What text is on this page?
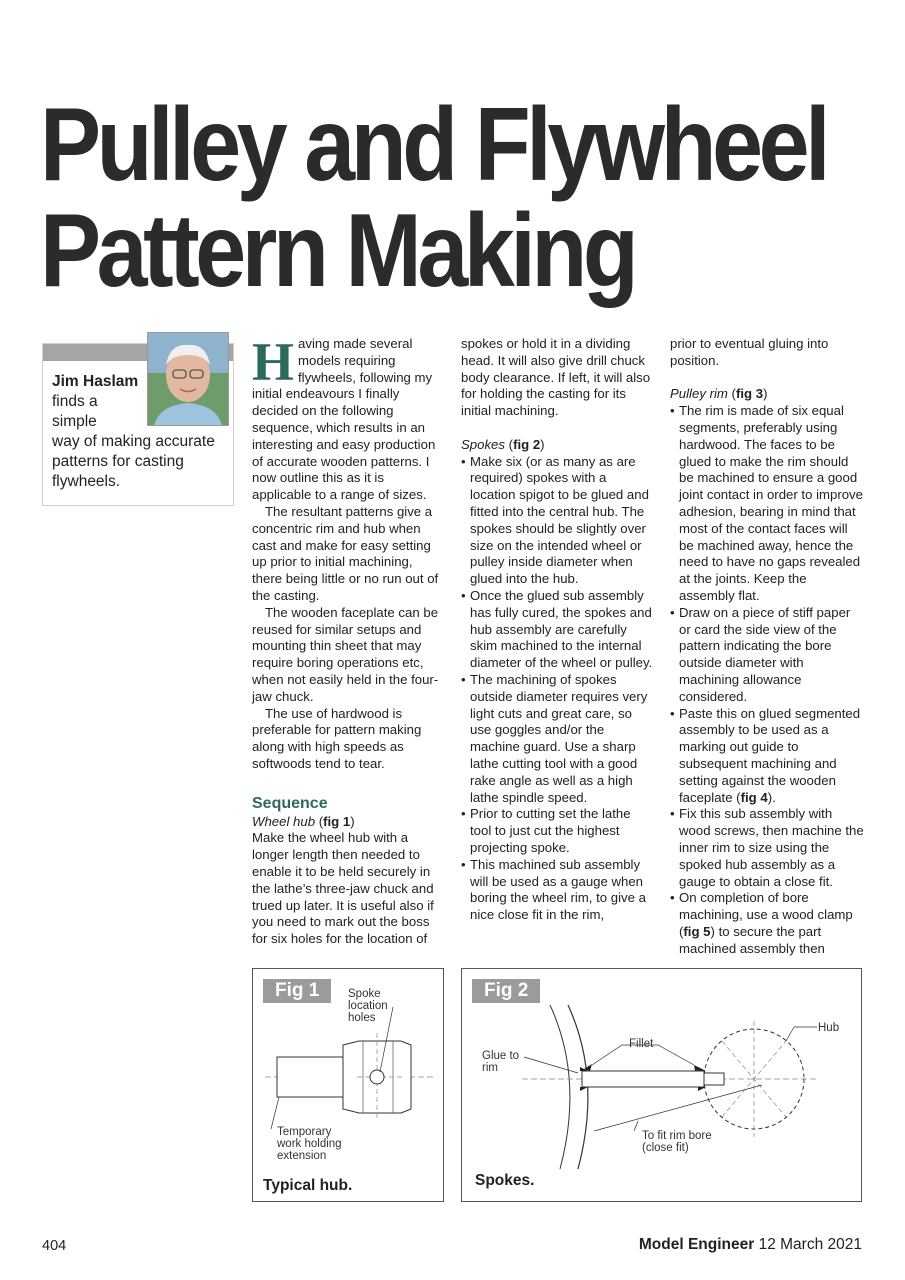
Pulley and Flywheel
Pattern Making
Jim Haslam
finds a
simple
way of making accurate
patterns for casting
flywheels.

Having made several models requiring flywheels, following my initial endeavours I finally decided on the following sequence, which results in an interesting and easy production of accurate wooden patterns. I now outline this as it is applicable to a range of sizes.

The resultant patterns give a concentric rim and hub when cast and make for easy setting up prior to initial machining, there being little or no run out of the casting.

The wooden faceplate can be reused for similar setups and mounting thin sheet that may require boring operations etc, when not easily held in the four-jaw chuck.

The use of hardwood is preferable for pattern making along with high speeds as softwoods tend to tear.

Sequence

Wheel hub (fig 1)

Make the wheel hub with a longer length then needed to enable it to be held securely in the lathe’s three-jaw chuck and trued up later. It is useful also if you need to mark out the boss for six holes for the location of

spokes or hold it in a dividing head. It will also give drill chuck body clearance. If left, it will also for holding the casting for its initial machining.

Spokes (fig 2)

• Make six (or as many as are required) spokes with a location spigot to be glued and fitted into the central hub. The spokes should be slightly over size on the intended wheel or pulley inside diameter when glued into the hub.
• Once the glued sub assembly has fully cured, the spokes and hub assembly are carefully skim machined to the internal diameter of the wheel or pulley.
• The machining of spokes outside diameter requires very light cuts and great care, so use goggles and/or the machine guard. Use a sharp lathe cutting tool with a good rake angle as well as a high lathe spindle speed.
• Prior to cutting set the lathe tool to just cut the highest projecting spoke.
• This machined sub assembly will be used as a gauge when boring the wheel rim, to give a nice close fit in the rim,

prior to eventual gluing into position.

Pulley rim (fig 3)

• The rim is made of six equal segments, preferably using hardwood. The faces to be glued to make the rim should be machined to ensure a good joint contact in order to improve adhesion, bearing in mind that most of the contact faces will be machined away, hence the need to have no gaps revealed at the joints. Keep the assembly flat.
• Draw on a piece of stiff paper or card the side view of the pattern indicating the bore outside diameter with machining allowance considered.
• Paste this on glued segmented assembly to be used as a marking out guide to subsequent machining and setting against the wooden faceplate (fig 4).
• Fix this sub assembly with wood screws, then machine the inner rim to size using the spoked hub assembly as a gauge to obtain a close fit.
• On completion of bore machining, use a wood clamp (fig 5) to secure the part machined assembly then
Spoke
location
holes
Temporary
work holding
extension
Fig 1
Typical hub.
Fillet
Hub
Glue to
rim
To fit rim bore
(close fit)
Fig 2
Spokes.
404	Model Engineer 12 March 2021
